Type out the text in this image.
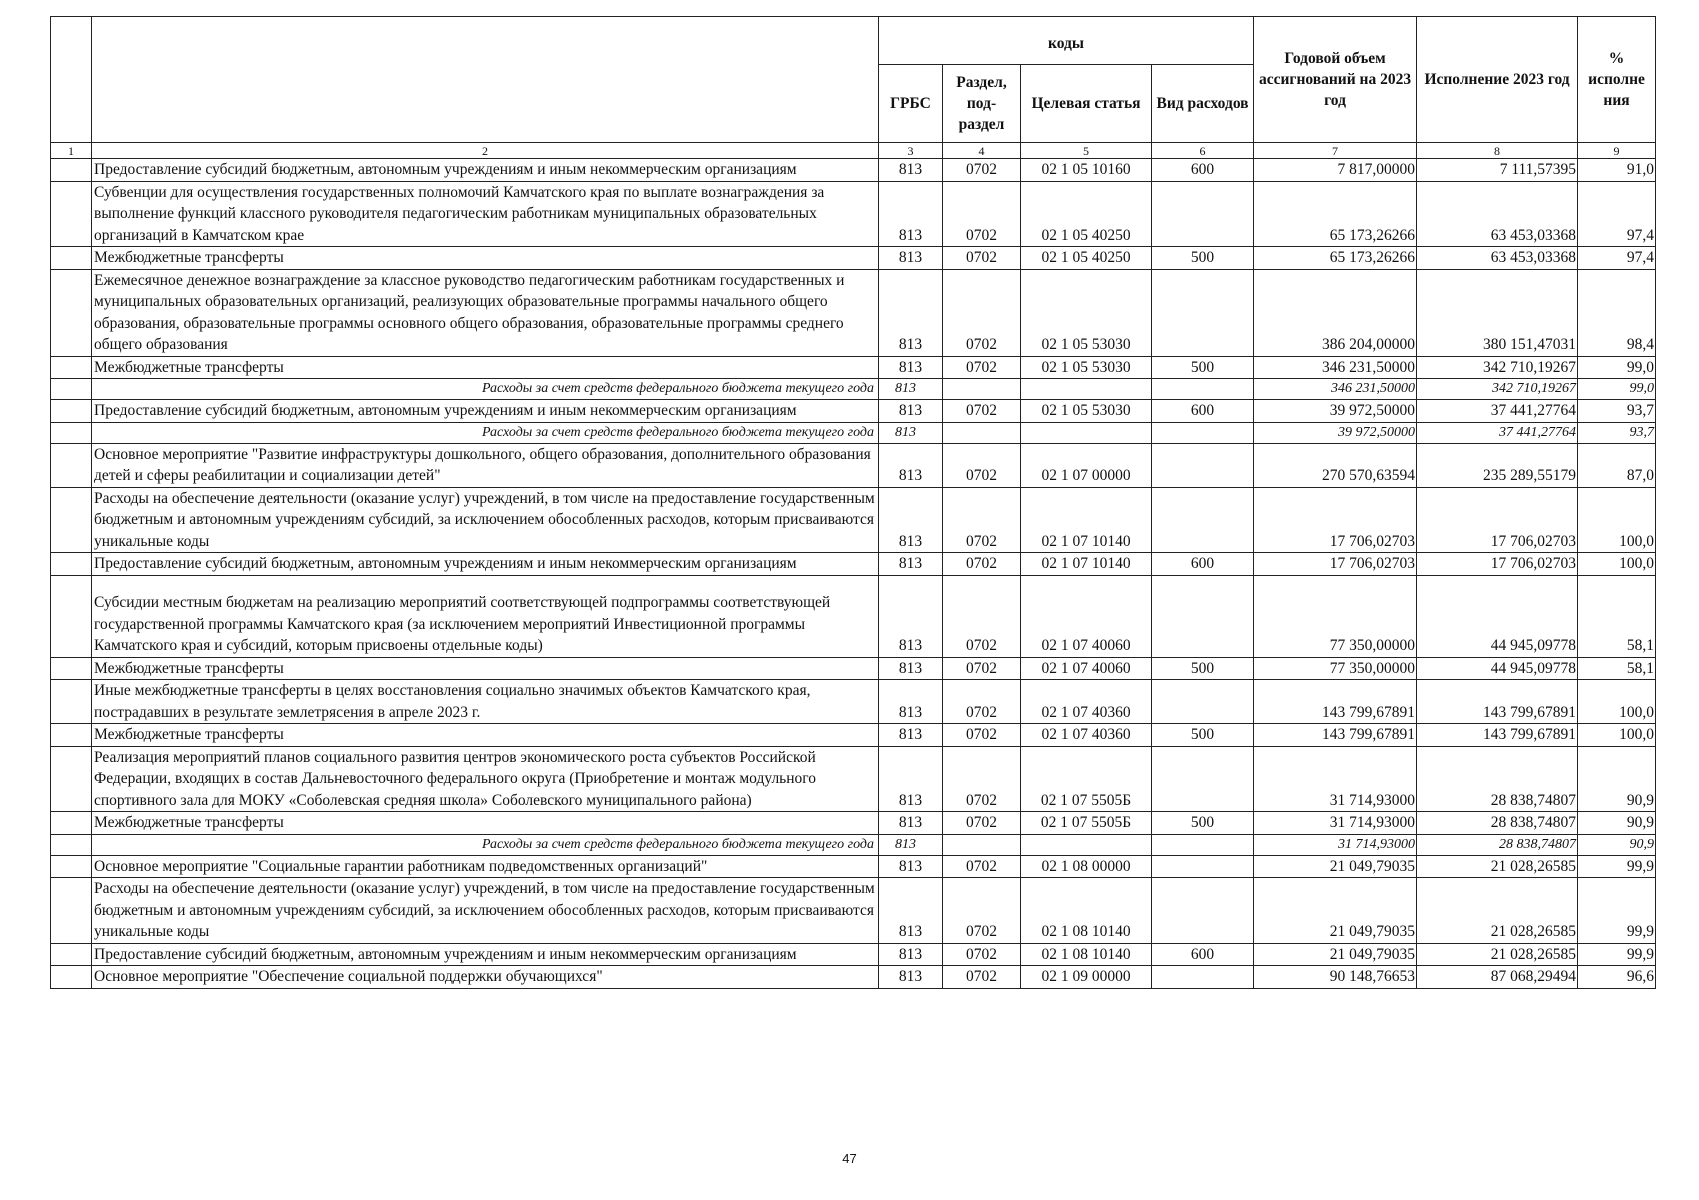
		коды				Годовой объем ассигнований на 2023 год	Исполнение 2023 год	% исполне ния
		ГРБС	Раздел, под-раздел	Целевая статья	Вид расходов			
1	2	3	4	5	6	7	8	9
	Предоставление субсидий бюджетным, автономным учреждениям и иным некоммерческим организациям	813	0702	02 1 05 10160	600	7 817,00000	7 111,57395	91,0
	Субвенции для осуществления государственных полномочий Камчатского края по выплате вознаграждения за выполнение функций классного руководителя педагогическим работникам муниципальных образовательных организаций в Камчатском крае	813	0702	02 1 05 40250		65 173,26266	63 453,03368	97,4
	Межбюджетные трансферты	813	0702	02 1 05 40250	500	65 173,26266	63 453,03368	97,4
	Ежемесячное денежное вознаграждение за классное руководство педагогическим работникам государственных и муниципальных образовательных организаций, реализующих образовательные программы начального общего образования, образовательные программы основного общего образования, образовательные программы среднего общего образования	813	0702	02 1 05 53030		386 204,00000	380 151,47031	98,4
	Межбюджетные трансферты	813	0702	02 1 05 53030	500	346 231,50000	342 710,19267	99,0
	Расходы за счет средств федерального бюджета текущего года	813				346 231,50000	342 710,19267	99,0
	Предоставление субсидий бюджетным, автономным учреждениям и иным некоммерческим организациям	813	0702	02 1 05 53030	600	39 972,50000	37 441,27764	93,7
	Расходы за счет средств федерального бюджета текущего года	813				39 972,50000	37 441,27764	93,7
	Основное мероприятие "Развитие инфраструктуры дошкольного, общего образования, дополнительного образования детей и сферы реабилитации и социализации детей"	813	0702	02 1 07 00000		270 570,63594	235 289,55179	87,0
	Расходы на обеспечение деятельности (оказание услуг) учреждений, в том числе на предоставление государственным бюджетным и автономным учреждениям субсидий, за исключением обособленных расходов, которым присваиваются уникальные коды	813	0702	02 1 07 10140		17 706,02703	17 706,02703	100,0
	Предоставление субсидий бюджетным, автономным учреждениям и иным некоммерческим организациям	813	0702	02 1 07 10140	600	17 706,02703	17 706,02703	100,0
	Субсидии местным бюджетам на реализацию мероприятий соответствующей подпрограммы соответствующей государственной программы Камчатского края (за исключением мероприятий Инвестиционной программы Камчатского края и субсидий, которым присвоены отдельные коды)	813	0702	02 1 07 40060		77 350,00000	44 945,09778	58,1
	Межбюджетные трансферты	813	0702	02 1 07 40060	500	77 350,00000	44 945,09778	58,1
	Иные межбюджетные трансферты в целях восстановления социально значимых объектов Камчатского края, пострадавших в результате землетрясения в апреле 2023 г.	813	0702	02 1 07 40360		143 799,67891	143 799,67891	100,0
	Межбюджетные трансферты	813	0702	02 1 07 40360	500	143 799,67891	143 799,67891	100,0
	Реализация мероприятий планов социального развития центров экономического роста субъектов Российской Федерации, входящих в состав Дальневосточного федерального округа (Приобретение и монтаж модульного спортивного зала для МОКУ «Соболевская средняя школа» Соболевского муниципального района)	813	0702	02 1 07 5505Б		31 714,93000	28 838,74807	90,9
	Межбюджетные трансферты	813	0702	02 1 07 5505Б	500	31 714,93000	28 838,74807	90,9
	Расходы за счет средств федерального бюджета текущего года	813				31 714,93000	28 838,74807	90,9
	Основное мероприятие "Социальные гарантии работникам подведомственных организаций"	813	0702	02 1 08 00000		21 049,79035	21 028,26585	99,9
	Расходы на обеспечение деятельности (оказание услуг) учреждений, в том числе на предоставление государственным бюджетным и автономным учреждениям субсидий, за исключением обособленных расходов, которым присваиваются уникальные коды	813	0702	02 1 08 10140		21 049,79035	21 028,26585	99,9
	Предоставление субсидий бюджетным, автономным учреждениям и иным некоммерческим организациям	813	0702	02 1 08 10140	600	21 049,79035	21 028,26585	99,9
	Основное мероприятие "Обеспечение социальной поддержки обучающихся"	813	0702	02 1 09 00000		90 148,76653	87 068,29494	96,6
47
